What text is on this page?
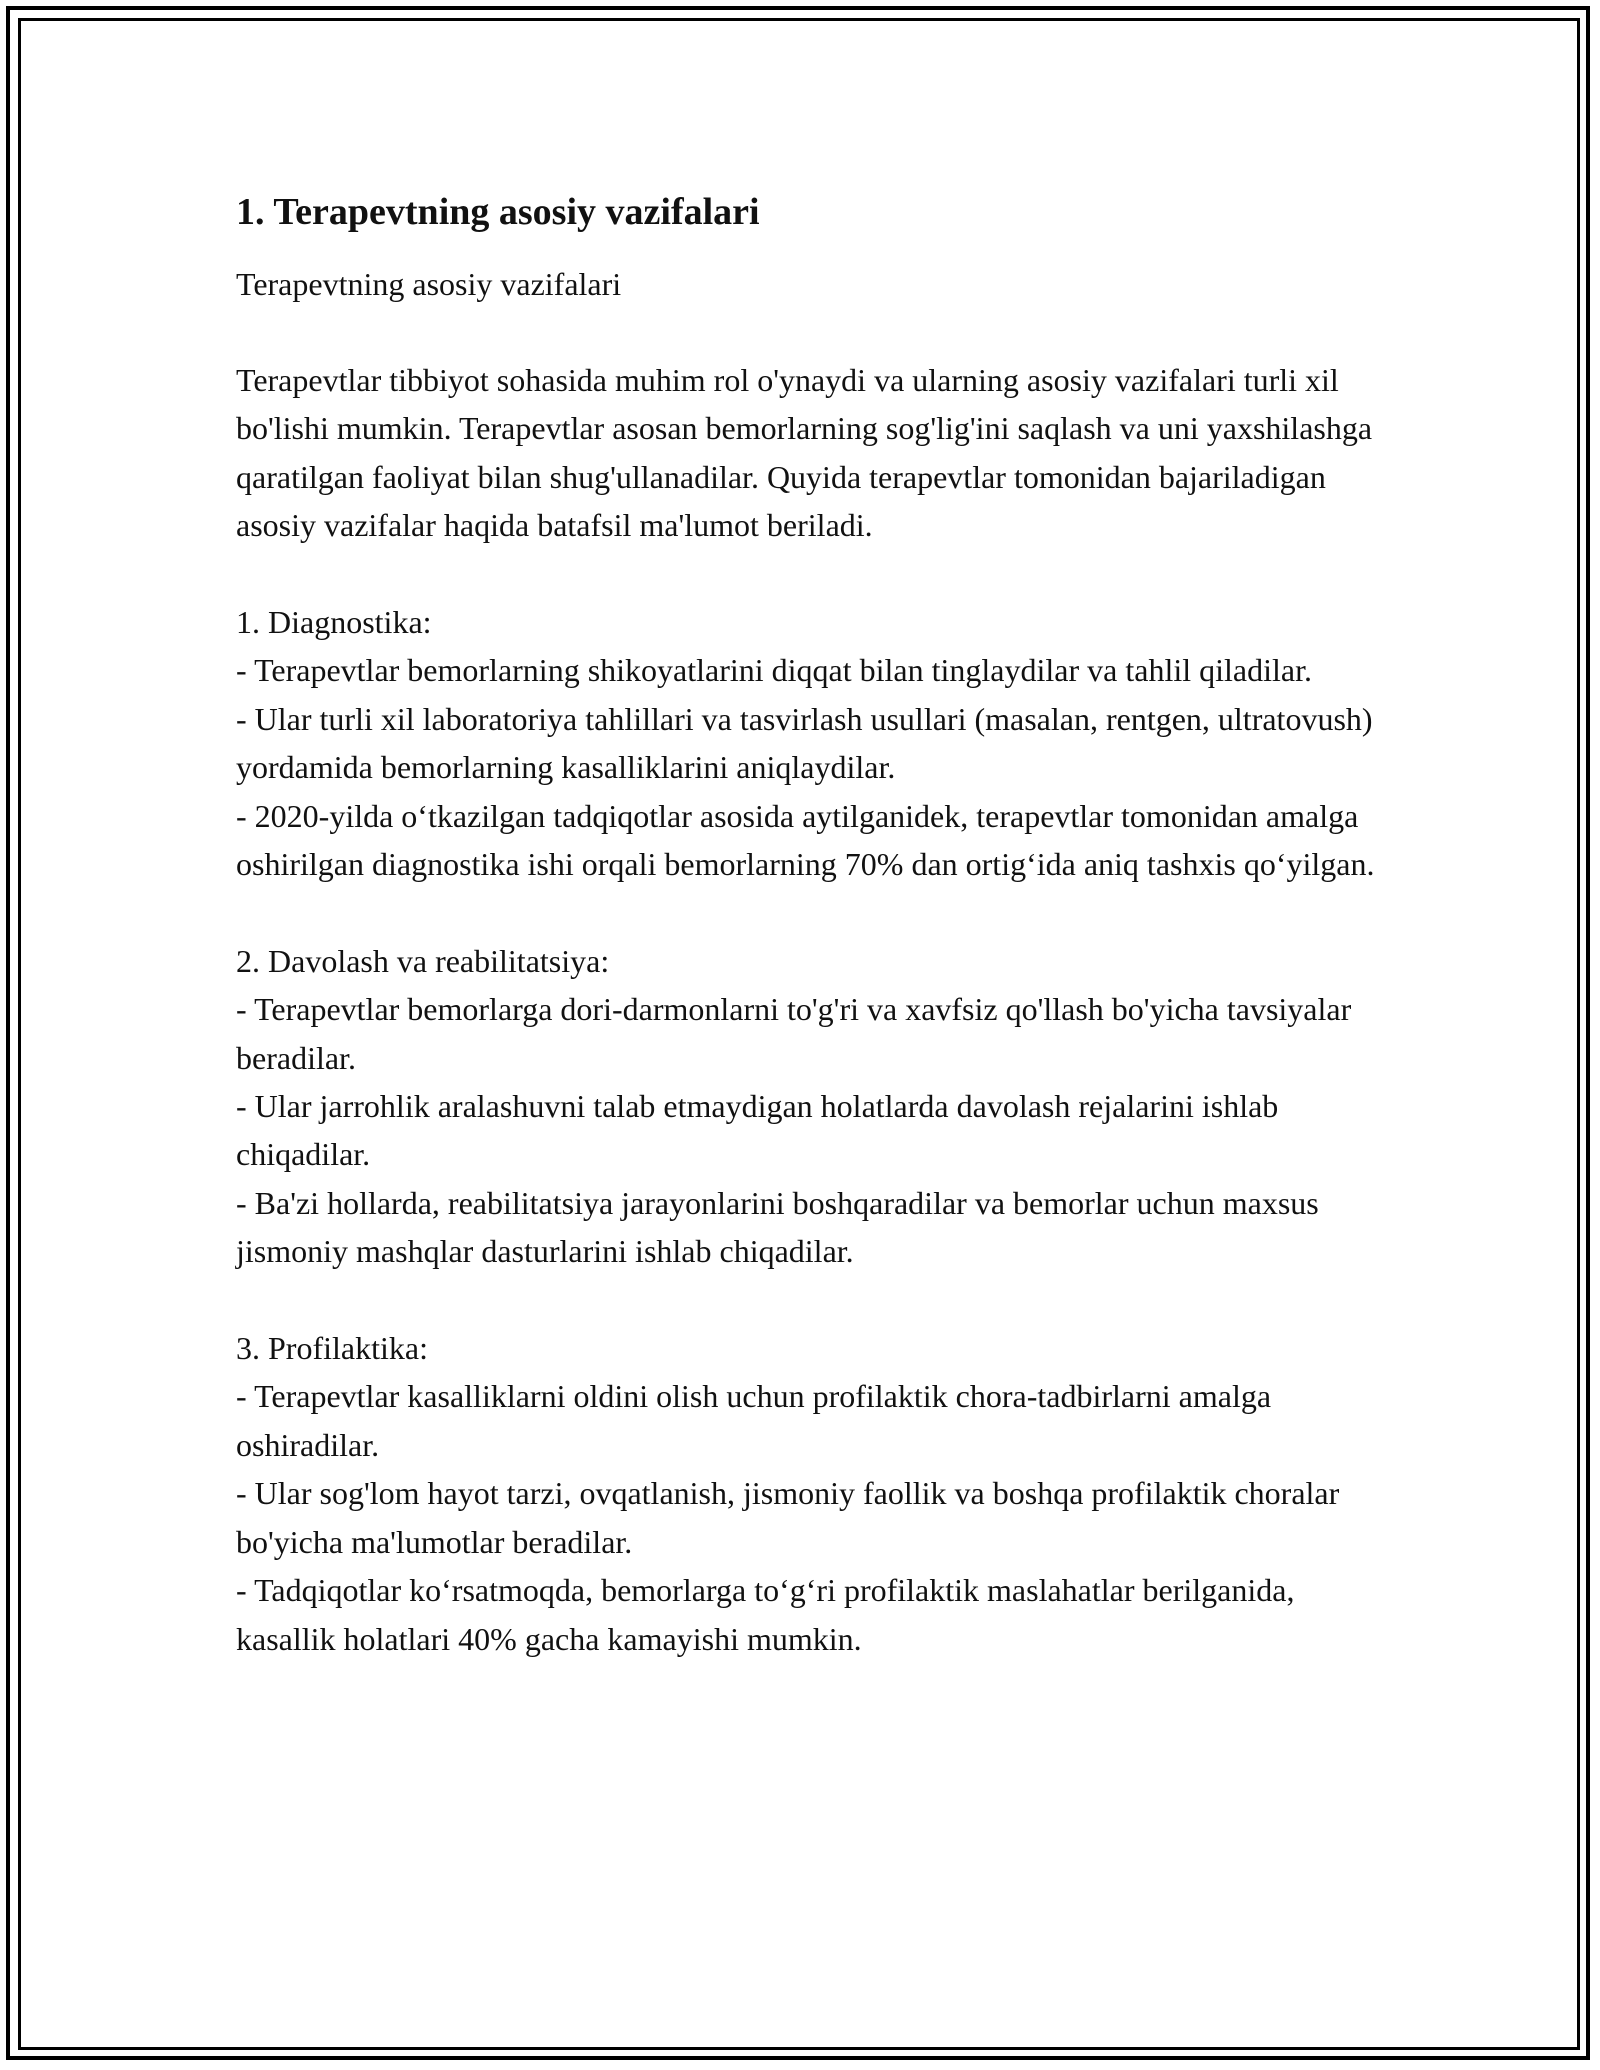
1. Terapevtning asosiy vazifalari

Terapevtning asosiy vazifalari

Terapevtlar tibbiyot sohasida muhim rol o'ynaydi va ularning asosiy vazifalari turli xil bo'lishi mumkin. Terapevtlar asosan bemorlarning sog'lig'ini saqlash va uni yaxshilashga qaratilgan faoliyat bilan shug'ullanadilar. Quyida terapevtlar tomonidan bajariladigan asosiy vazifalar haqida batafsil ma'lumot beriladi.

1. Diagnostika:

- Terapevtlar bemorlarning shikoyatlarini diqqat bilan tinglaydilar va tahlil qiladilar.

- Ular turli xil laboratoriya tahlillari va tasvirlash usullari (masalan, rentgen, ultratovush) yordamida bemorlarning kasalliklarini aniqlaydilar.

- 2020-yilda o‘tkazilgan tadqiqotlar asosida aytilganidek, terapevtlar tomonidan amalga oshirilgan diagnostika ishi orqali bemorlarning 70% dan ortig‘ida aniq tashxis qo‘yilgan.

2. Davolash va reabilitatsiya:

- Terapevtlar bemorlarga dori-darmonlarni to'g'ri va xavfsiz qo'llash bo'yicha tavsiyalar beradilar.

- Ular jarrohlik aralashuvni talab etmaydigan holatlarda davolash rejalarini ishlab chiqadilar.

- Ba'zi hollarda, reabilitatsiya jarayonlarini boshqaradilar va bemorlar uchun maxsus jismoniy mashqlar dasturlarini ishlab chiqadilar.

3. Profilaktika:

- Terapevtlar kasalliklarni oldini olish uchun profilaktik chora-tadbirlarni amalga oshiradilar.

- Ular sog'lom hayot tarzi, ovqatlanish, jismoniy faollik va boshqa profilaktik choralar bo'yicha ma'lumotlar beradilar.

- Tadqiqotlar ko‘rsatmoqda, bemorlarga to‘g‘ri profilaktik maslahatlar berilganida, kasallik holatlari 40% gacha kamayishi mumkin.
